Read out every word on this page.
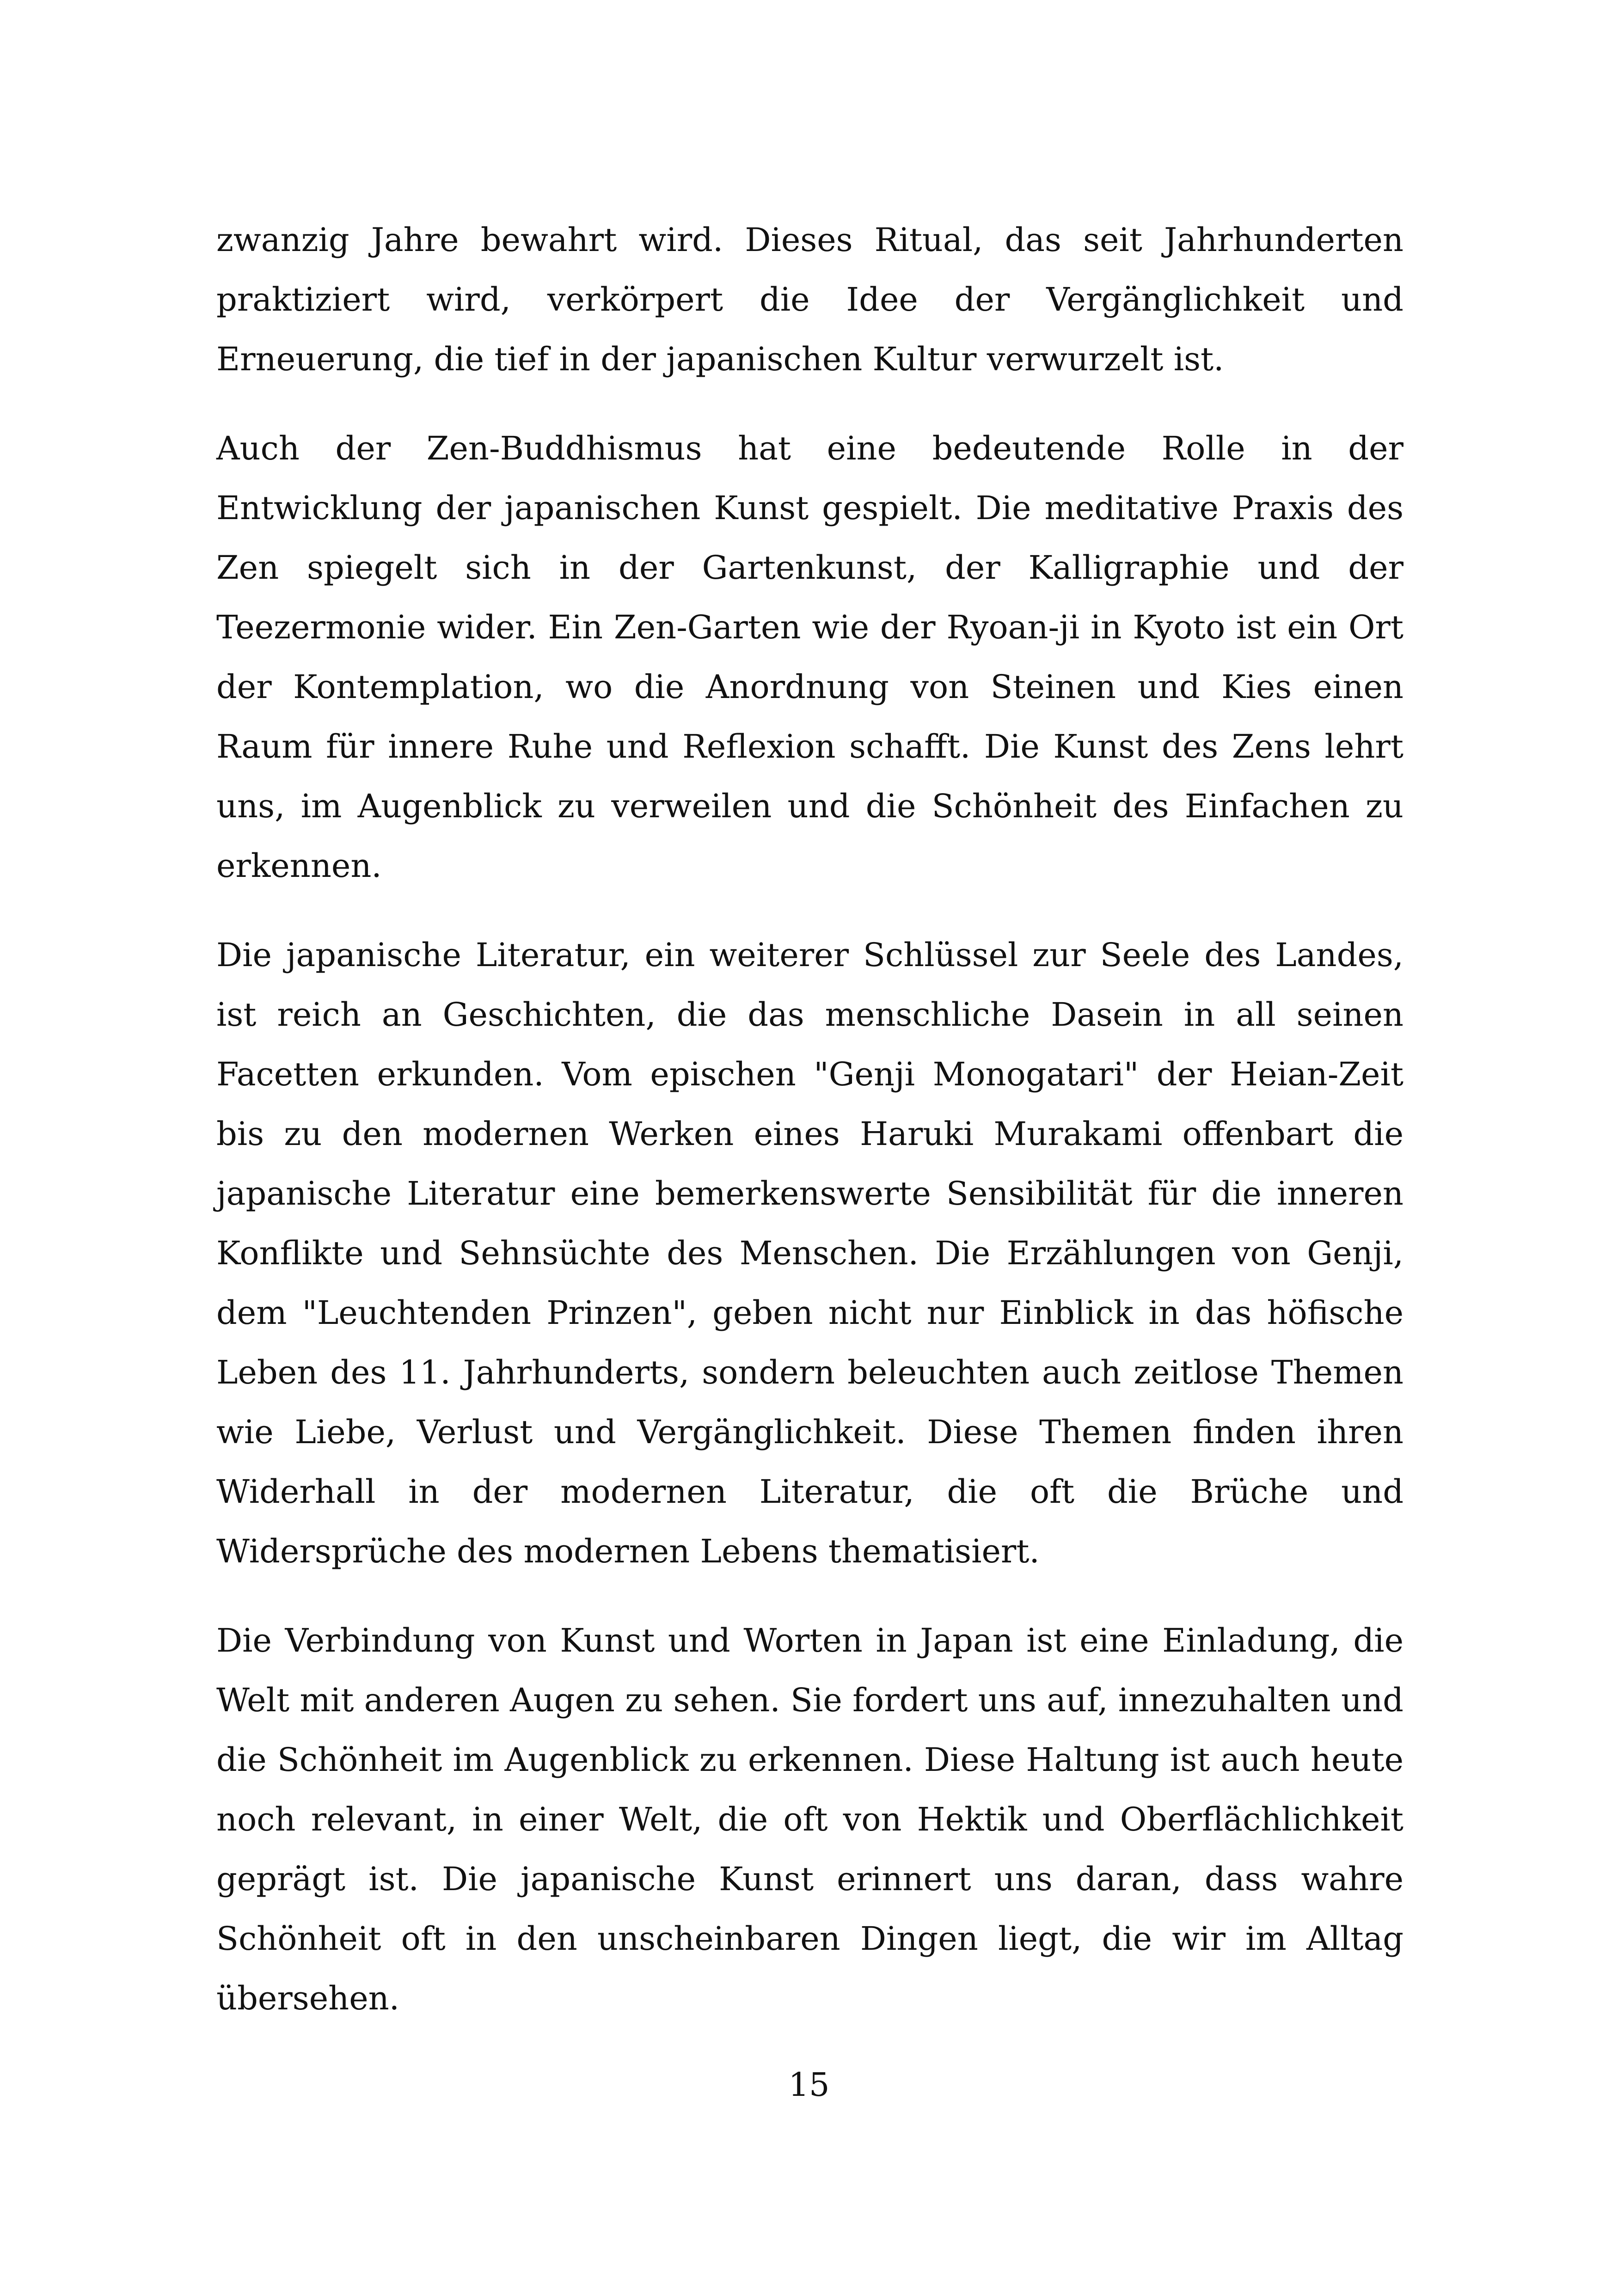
zwanzig Jahre bewahrt wird. Dieses Ritual, das seit Jahrhunderten praktiziert wird, verkörpert die Idee der Vergänglichkeit und Erneuerung, die tief in der japanischen Kultur verwurzelt ist.

Auch der Zen-Buddhismus hat eine bedeutende Rolle in der Entwicklung der japanischen Kunst gespielt. Die meditative Praxis des Zen spiegelt sich in der Gartenkunst, der Kalligraphie und der Teezermonie wider. Ein Zen-Garten wie der Ryoan-ji in Kyoto ist ein Ort der Kontemplation, wo die Anordnung von Steinen und Kies einen Raum für innere Ruhe und Reflexion schafft. Die Kunst des Zens lehrt uns, im Augenblick zu verweilen und die Schönheit des Einfachen zu erkennen.

Die japanische Literatur, ein weiterer Schlüssel zur Seele des Landes, ist reich an Geschichten, die das menschliche Dasein in all seinen Facetten erkunden. Vom epischen "Genji Monogatari" der Heian-Zeit bis zu den modernen Werken eines Haruki Murakami offenbart die japanische Literatur eine bemerkenswerte Sensibilität für die inneren Konflikte und Sehnsüchte des Menschen. Die Erzählungen von Genji, dem "Leuchtenden Prinzen", geben nicht nur Einblick in das höfische Leben des 11. Jahrhunderts, sondern beleuchten auch zeitlose Themen wie Liebe, Verlust und Vergänglichkeit. Diese Themen finden ihren Widerhall in der modernen Literatur, die oft die Brüche und Widersprüche des modernen Lebens thematisiert.

Die Verbindung von Kunst und Worten in Japan ist eine Einladung, die Welt mit anderen Augen zu sehen. Sie fordert uns auf, innezuhalten und die Schönheit im Augenblick zu erkennen. Diese Haltung ist auch heute noch relevant, in einer Welt, die oft von Hektik und Oberflächlichkeit geprägt ist. Die japanische Kunst erinnert uns daran, dass wahre Schönheit oft in den unscheinbaren Dingen liegt, die wir im Alltag übersehen.

15
